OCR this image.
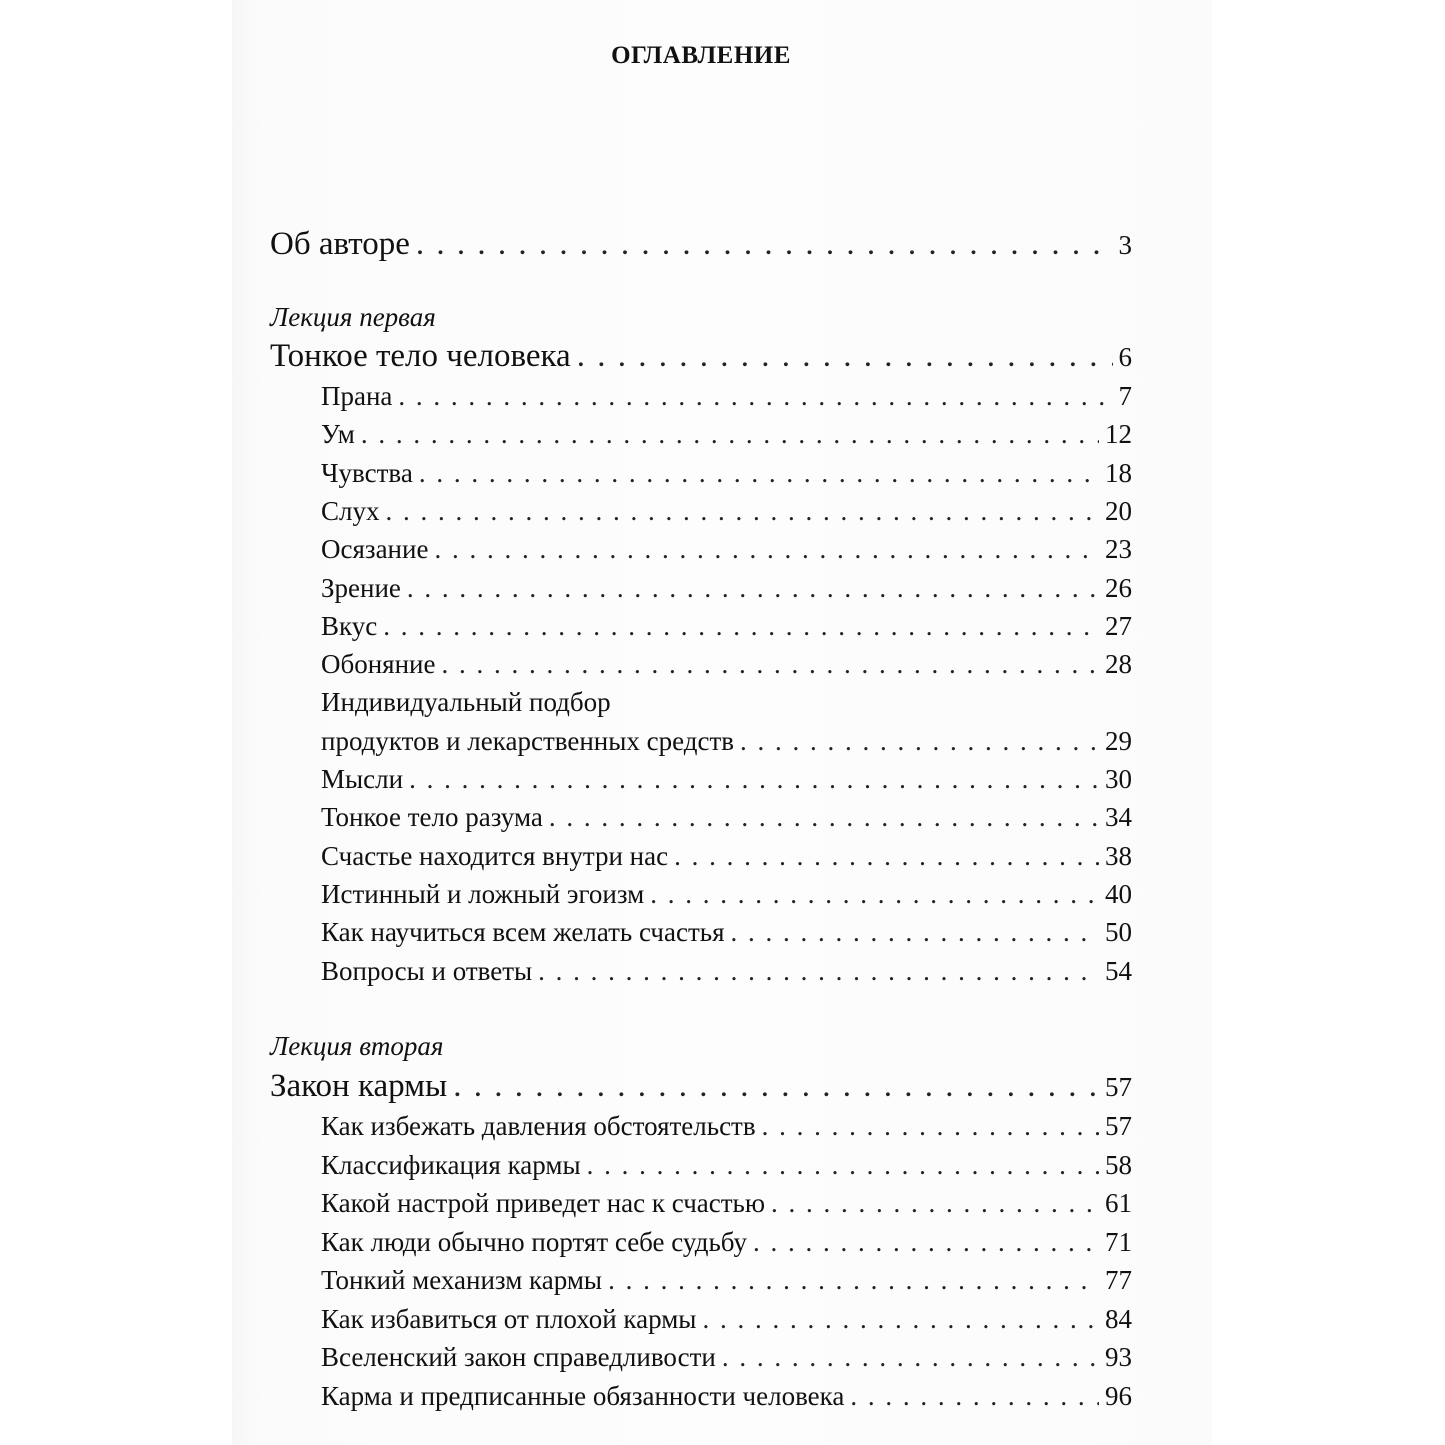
ОГЛАВЛЕНИЕ
Об авторе . . .	3
Лекция первая
Тонкое тело человека . . .	6
Прана . . .	7
Ум . . .	12
Чувства . . .	18
Слух . . .	20
Осязание . . .	23
Зрение . . .	26
Вкус . . .	27
Обоняние . . .	28
Индивидуальный подбор
продуктов и лекарственных средств . . .	29
Мысли . . .	30
Тонкое тело разума . . .	34
Счастье находится внутри нас . . .	38
Истинный и ложный эгоизм . . .	40
Как научиться всем желать счастья . . .	50
Вопросы и ответы . . .	54
Лекция вторая
Закон кармы . . .	57
Как избежать давления обстоятельств . . .	57
Классификация кармы . . .	58
Какой настрой приведет нас к счастью . . .	61
Как люди обычно портят себе судьбу . . .	71
Тонкий механизм кармы . . .	77
Как избавиться от плохой кармы . . .	84
Вселенский закон справедливости . . .	93
Карма и предписанные обязанности человека . . .	96
